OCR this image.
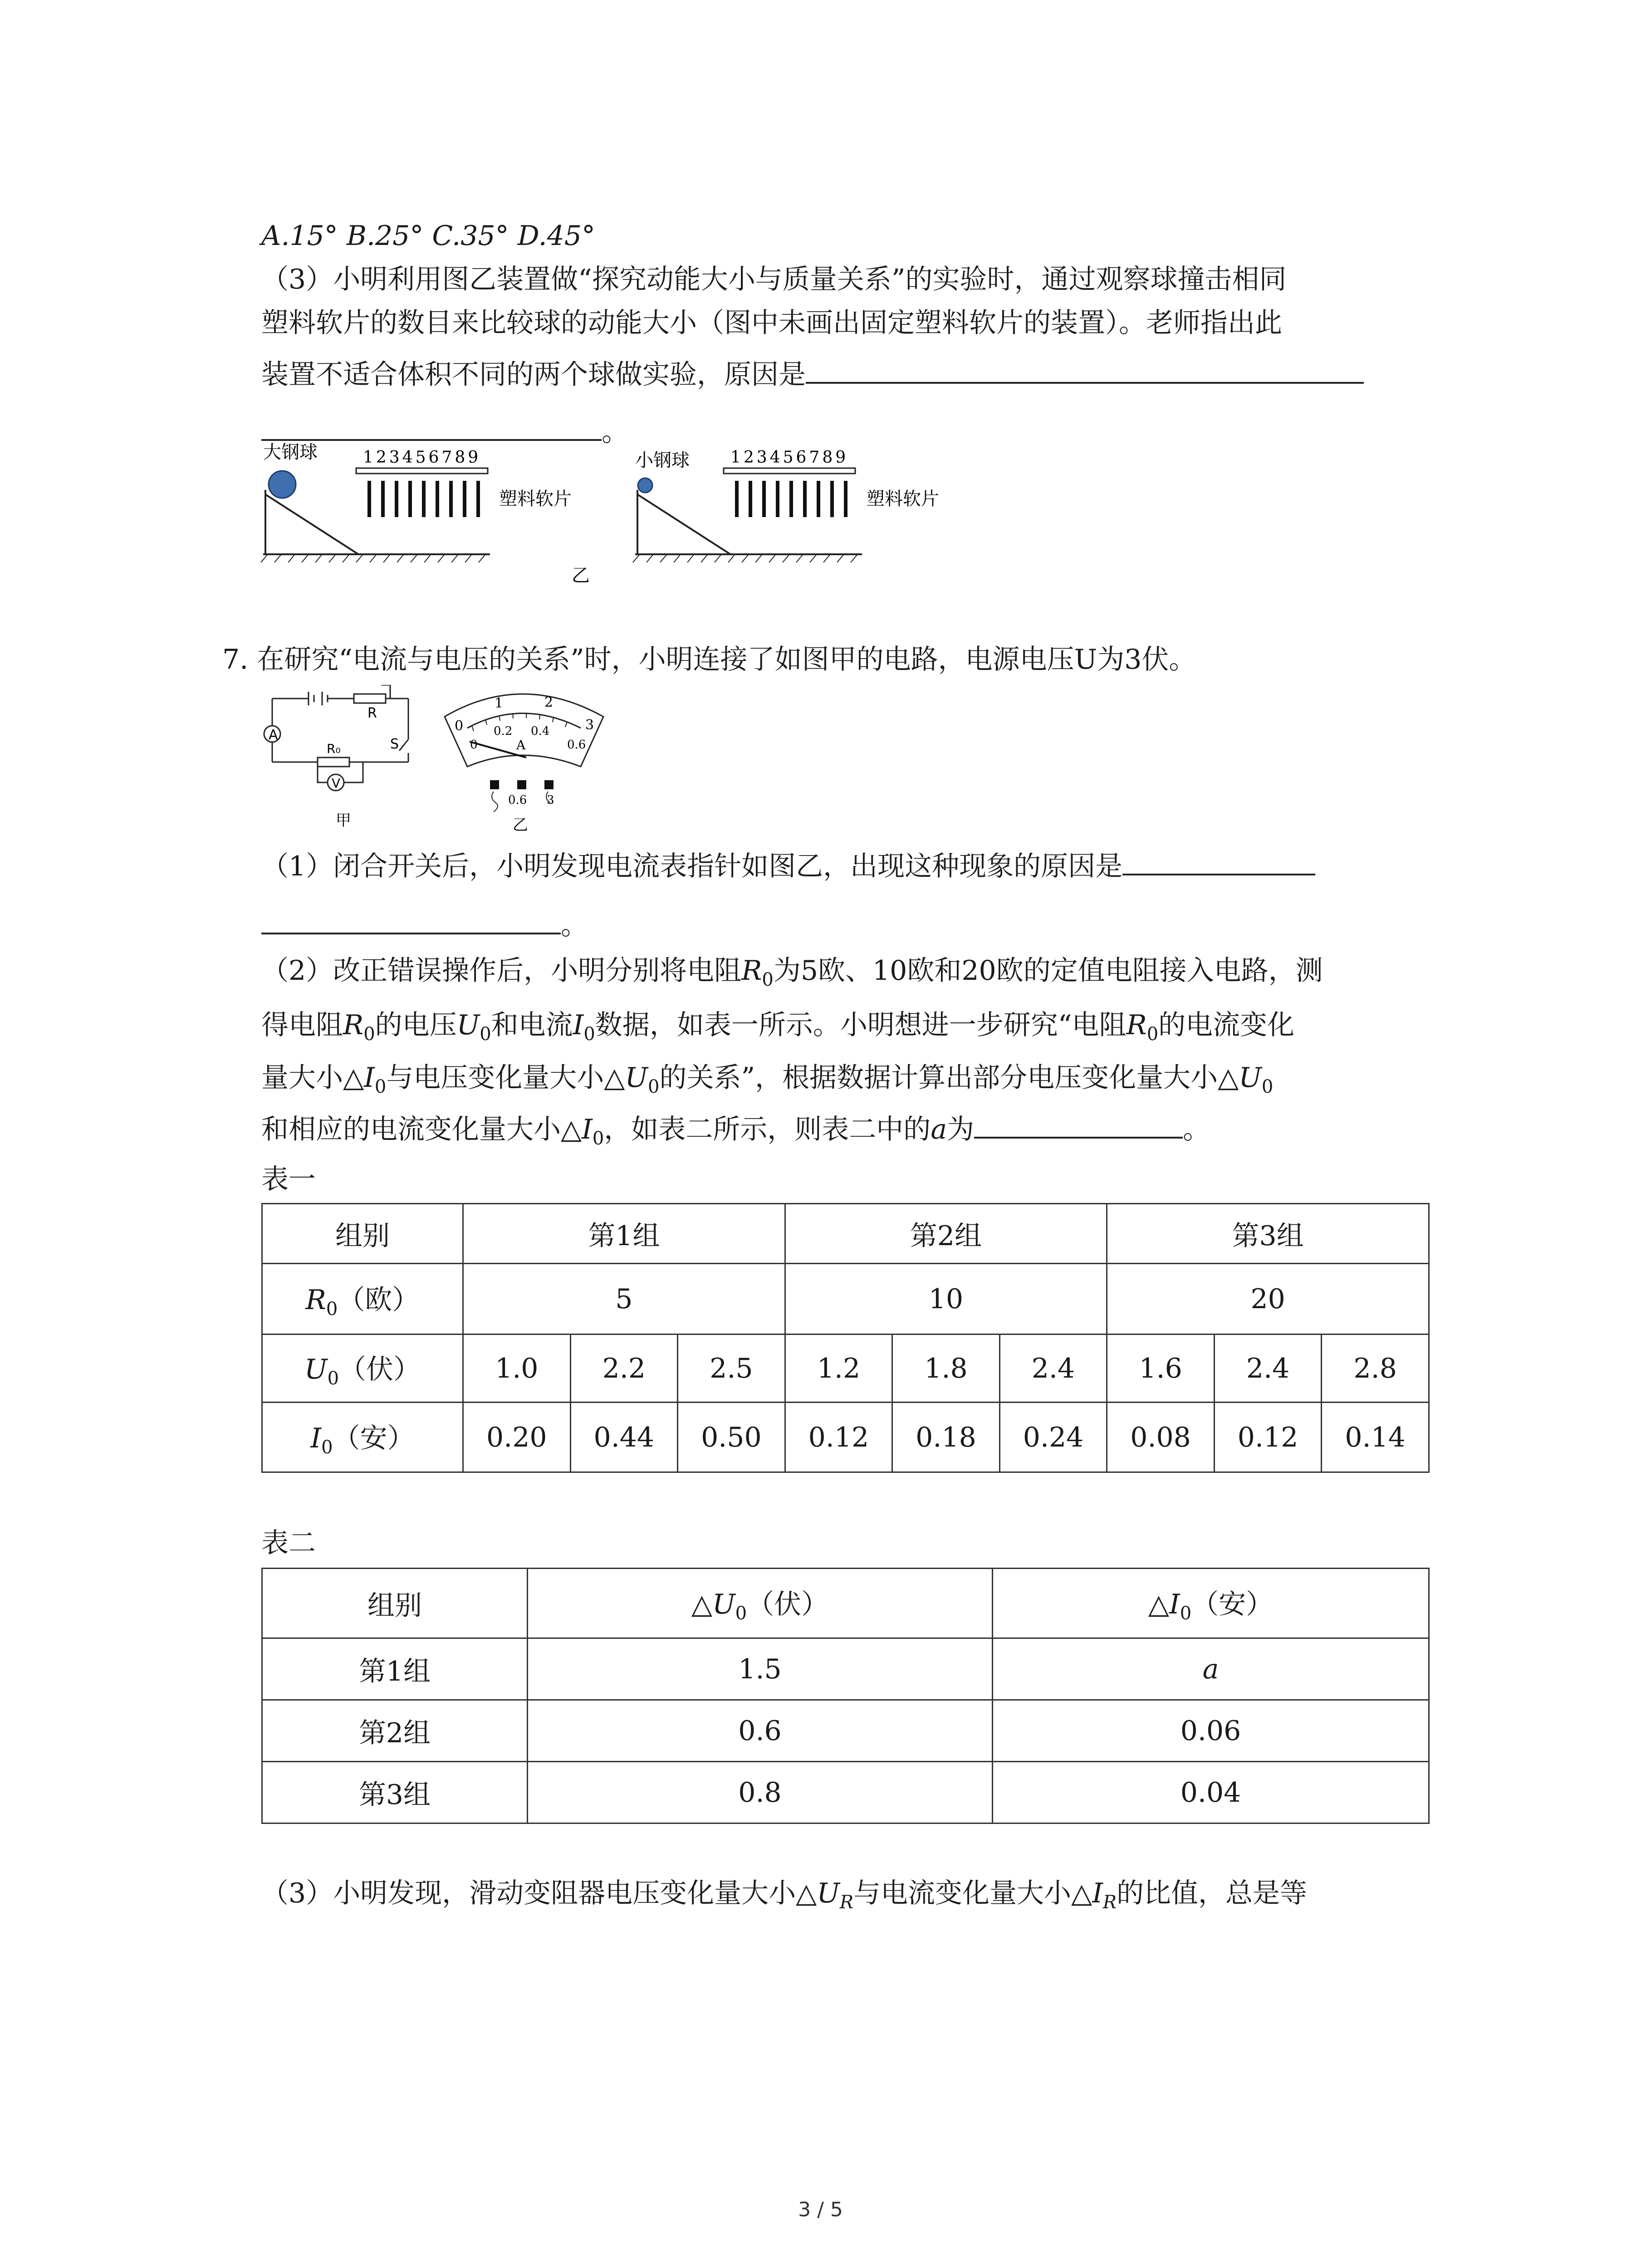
A.15° B.25° C.35° D.45°
（3）小明利用图乙装置做“探究动能大小与质量关系”的实验时，通过观察球撞击相同
塑料软片的数目来比较球的动能大小（图中未画出固定塑料软片的装置）。老师指出此
装置不适合体积不同的两个球做实验，原因是
。
大钢球	123456789
塑料软片
小钢球	123456789
塑料软片
乙
7. 在研究“电流与电压的关系”时，小明连接了如图甲的电路，电源电压U为3伏。
A
V
R
R₀	S
甲
0
1	2
3
0
0.2 0.4
0.6
A
0.6 3
乙
（1）闭合开关后，小明发现电流表指针如图乙，出现这种现象的原因是
。
（2）改正错误操作后，小明分别将电阻$R_0$为5欧、10欧和20欧的定值电阻接入电路，测
得电阻$R_0$的电压$U_0$和电流$I_0$数据，如表一所示。小明想进一步研究“电阻$R_0$的电流变化
量大小$\triangle I_0$与电压变化量大小$\triangle U_0$的关系”，根据数据计算出部分电压变化量大小$\triangle U_0$
和相应的电流变化量大小$\triangle I_0$，如表二所示，则表二中的a为	。
表一
组别	第1组			第2组			第3组		
$R_0$（欧）	5			10			20		
$U_0$（伏）	1.0	2.2	2.5	1.2	1.8	2.4	1.6	2.4	2.8
$I_0$（安）	0.20	0.44	0.50	0.12	0.18	0.24	0.08	0.12	0.14
表二
组别	$\triangle U_0$（伏）	$\triangle I_0$（安）
第1组	1.5	a
第2组	0.6	0.06
第3组	0.8	0.04
（3）小明发现，滑动变阻器电压变化量大小$\triangle U_R$与电流变化量大小$\triangle I_R$的比值，总是等
3 / 5
